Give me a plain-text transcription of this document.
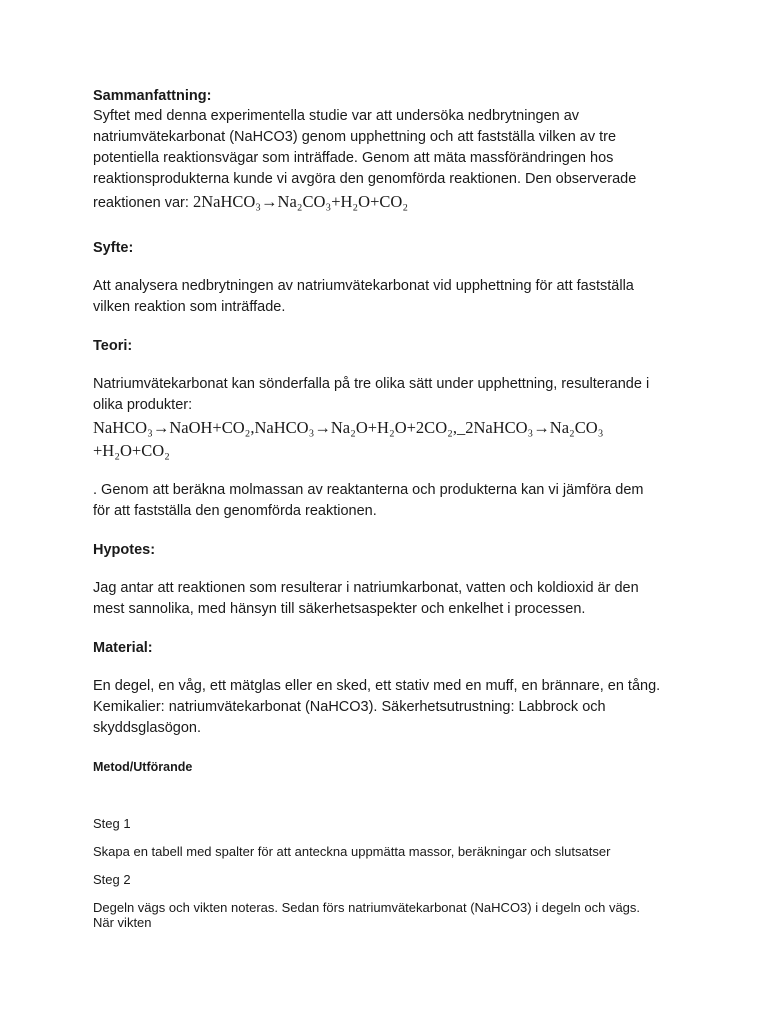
Sammanfattning:

Syftet med denna experimentella studie var att undersöka nedbrytningen av natriumvätekarbonat (NaHCO3) genom upphettning och att fastställa vilken av tre potentiella reaktionsvägar som inträffade. Genom att mäta massförändringen hos reaktionsprodukterna kunde vi avgöra den genomförda reaktionen. Den observerade reaktionen var: 2NaHCO₃→Na₂CO₃+H₂O+CO₂

Syfte:

Att analysera nedbrytningen av natriumvätekarbonat vid upphettning för att fastställa vilken reaktion som inträffade.

Teori:

Natriumvätekarbonat kan sönderfalla på tre olika sätt under upphettning, resulterande i olika produkter:

NaHCO₃→NaOH+CO₂,NaHCO₃→Na₂O+H₂O+2CO₂,_2NaHCO₃→Na₂CO₃ +H₂O+CO₂

. Genom att beräkna molmassan av reaktanterna och produkterna kan vi jämföra dem för att fastställa den genomförda reaktionen.

Hypotes:

Jag antar att reaktionen som resulterar i natriumkarbonat, vatten och koldioxid är den mest sannolika, med hänsyn till säkerhetsaspekter och enkelhet i processen.

Material:

En degel, en våg, ett mätglas eller en sked, ett stativ med en muff, en brännare, en tång. Kemikalier: natriumvätekarbonat (NaHCO3). Säkerhetsutrustning: Labbrock och skyddsglasögon.

Metod/Utförande

Steg 1

Skapa en tabell med spalter för att anteckna uppmätta massor, beräkningar och slutsatser

Steg 2

Degeln vägs och vikten noteras. Sedan förs natriumvätekarbonat (NaHCO3) i degeln och vägs. När vikten
